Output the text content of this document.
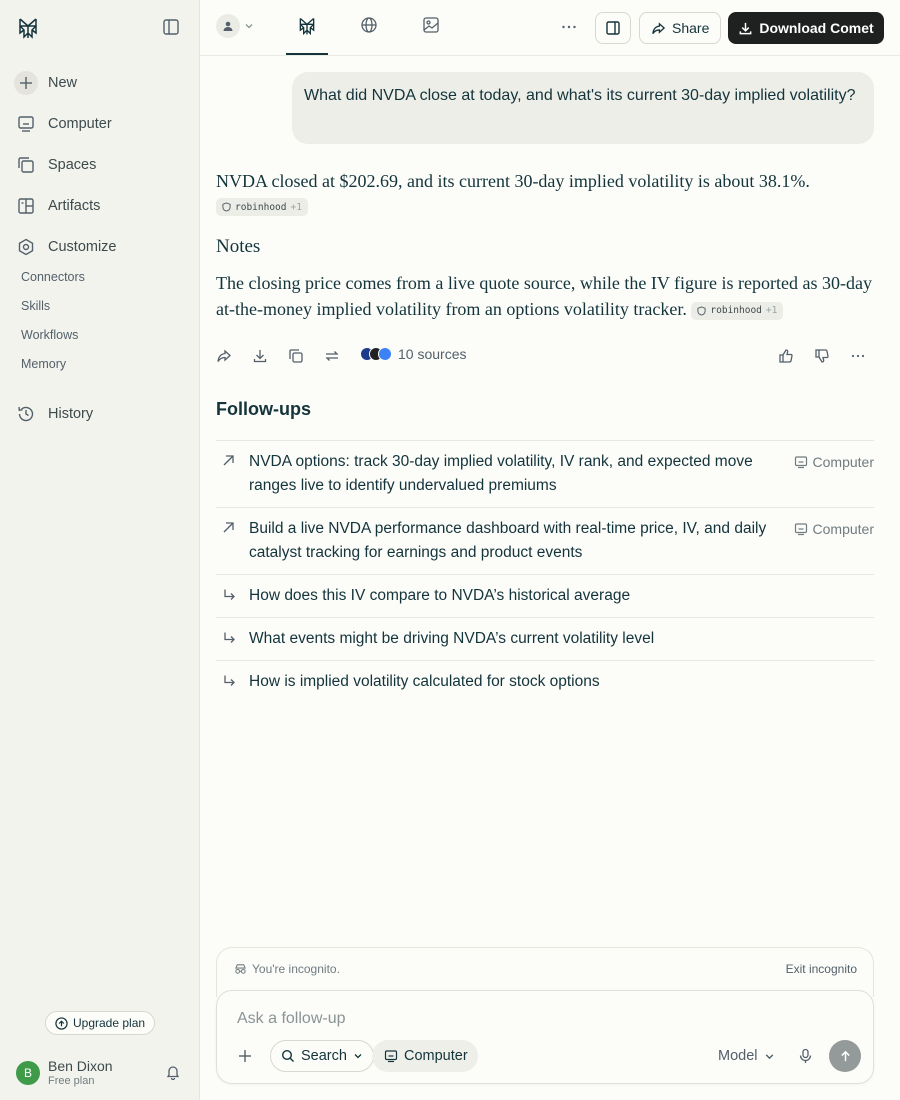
New
Computer
Spaces
Artifacts
Customize
Connectors
Skills
Workflows
Memory
History
Upgrade plan
B	Ben Dixon
Free plan
Share	Download Comet
What did NVDA close at today, and what's its current 30-day implied volatility?
NVDA closed at $202.69, and its current 30-day implied volatility is about 38.1%.
robinhood +1
Notes
The closing price comes from a live quote source, while the IV figure is reported as 30-day at-the-money implied volatility from an options volatility tracker. robinhood +1
10 sources
Follow-ups
NVDA options: track 30-day implied volatility, IV rank, and expected move ranges live to identify undervalued premiums
Computer
Build a live NVDA performance dashboard with real-time price, IV, and daily catalyst tracking for earnings and product events
Computer
How does this IV compare to NVDA’s historical average
What events might be driving NVDA’s current volatility level
How is implied volatility calculated for stock options
You're incognito.	Exit incognito
Ask a follow-up
Search	Computer	Model
